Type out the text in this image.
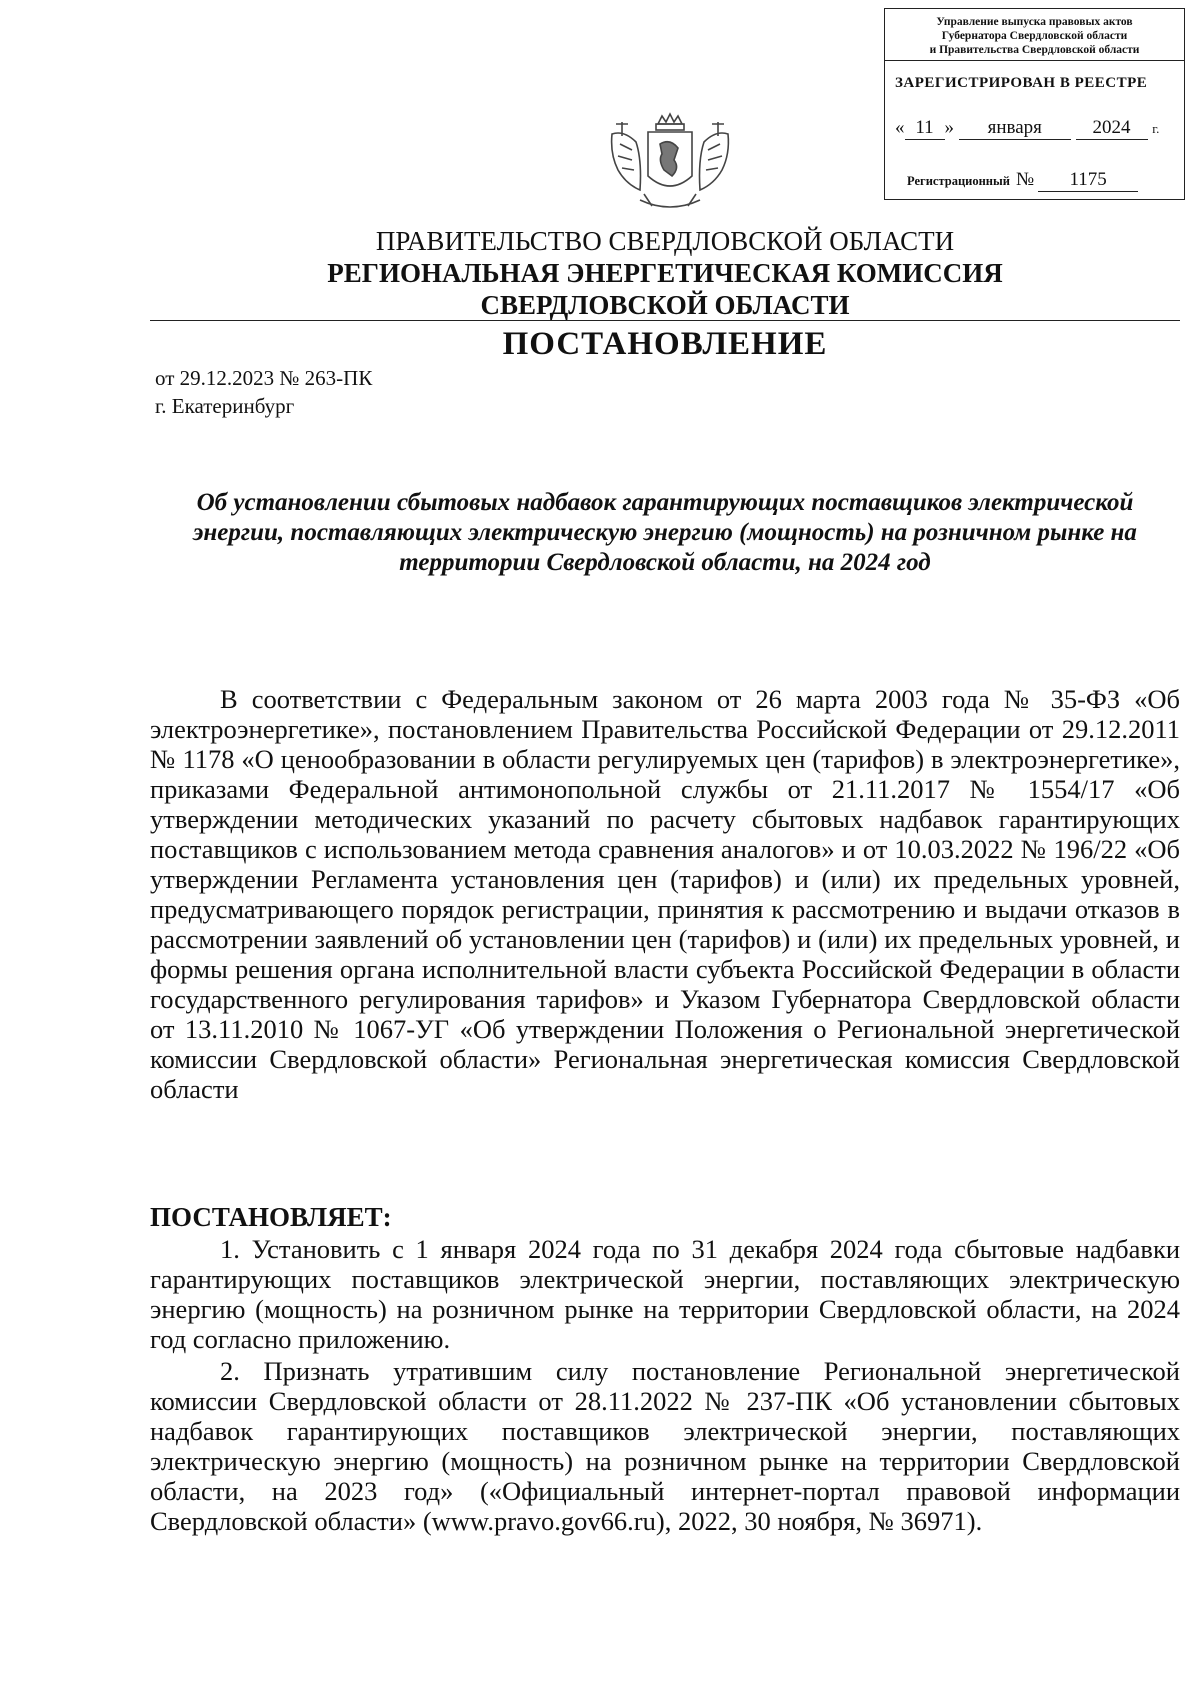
Управление выпуска правовых актов
Губернатора Свердловской области
и Правительства Свердловской области
ЗАРЕГИСТРИРОВАН В РЕЕСТРЕ
« 11 » января	2024 г.
Регистрационный № 1175
ПРАВИТЕЛЬСТВО СВЕРДЛОВСКОЙ ОБЛАСТИ
РЕГИОНАЛЬНАЯ ЭНЕРГЕТИЧЕСКАЯ КОМИССИЯ
СВЕРДЛОВСКОЙ ОБЛАСТИ
ПОСТАНОВЛЕНИЕ
от 29.12.2023 № 263-ПК
г. Екатеринбург
Об установлении сбытовых надбавок гарантирующих поставщиков электрической энергии, поставляющих электрическую энергию (мощность) на розничном рынке на территории Свердловской области, на 2024 год
В соответствии с Федеральным законом от 26 марта 2003 года № 35-ФЗ «Об электроэнергетике», постановлением Правительства Российской Федерации от 29.12.2011 № 1178 «О ценообразовании в области регулируемых цен (тарифов) в электроэнергетике», приказами Федеральной антимонопольной службы от 21.11.2017 № 1554/17 «Об утверждении методических указаний по расчету сбытовых надбавок гарантирующих поставщиков с использованием метода сравнения аналогов» и от 10.03.2022 № 196/22 «Об утверждении Регламента установления цен (тарифов) и (или) их предельных уровней, предусматривающего порядок регистрации, принятия к рассмотрению и выдачи отказов в рассмотрении заявлений об установлении цен (тарифов) и (или) их предельных уровней, и формы решения органа исполнительной власти субъекта Российской Федерации в области государственного регулирования тарифов» и Указом Губернатора Свердловской области от 13.11.2010 № 1067-УГ «Об утверждении Положения о Региональной энергетической комиссии Свердловской области» Региональная энергетическая комиссия Свердловской области
ПОСТАНОВЛЯЕТ:
1. Установить с 1 января 2024 года по 31 декабря 2024 года сбытовые надбавки гарантирующих поставщиков электрической энергии, поставляющих электрическую энергию (мощность) на розничном рынке на территории Свердловской области, на 2024 год согласно приложению.
2. Признать утратившим силу постановление Региональной энергетической комиссии Свердловской области от 28.11.2022 № 237-ПК «Об установлении сбытовых надбавок гарантирующих поставщиков электрической энергии, поставляющих электрическую энергию (мощность) на розничном рынке на территории Свердловской области, на 2023 год» («Официальный интернет-портал правовой информации Свердловской области» (www.pravo.gov66.ru), 2022, 30 ноября, № 36971).
